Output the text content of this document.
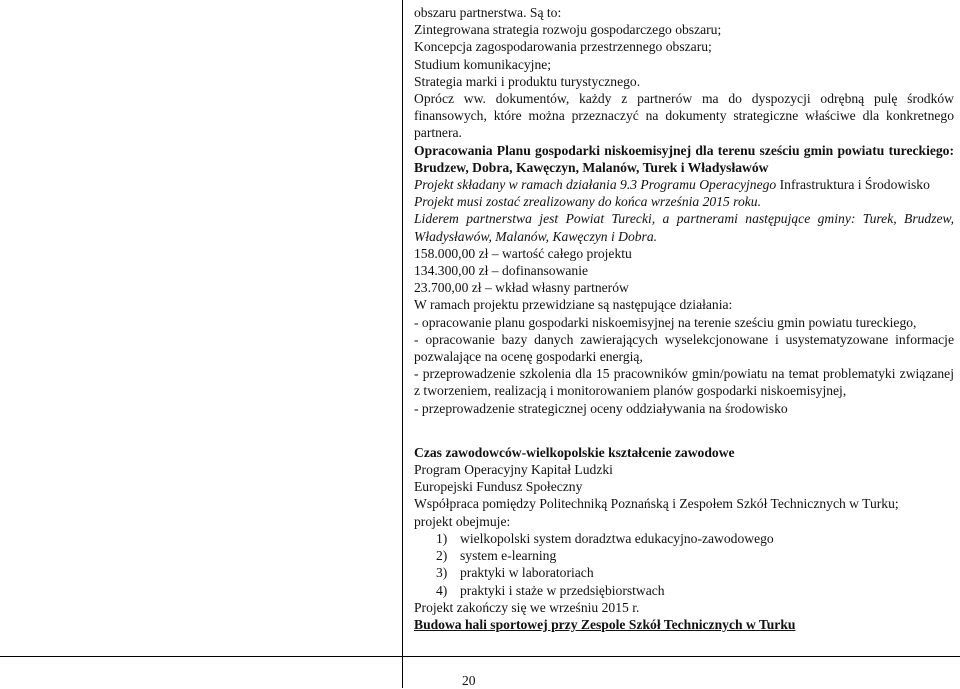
obszaru partnerstwa. Są to:
Zintegrowana strategia rozwoju gospodarczego obszaru;
Koncepcja zagospodarowania przestrzennego obszaru;
Studium komunikacyjne;
Strategia marki i produktu turystycznego.
Oprócz ww. dokumentów, każdy z partnerów ma do dyspozycji odrębną pulę środków finansowych, które można przeznaczyć na dokumenty strategiczne właściwe dla konkretnego partnera.
Opracowania Planu gospodarki niskoemisyjnej dla terenu sześciu gmin powiatu tureckiego: Brudzew, Dobra, Kawęczyn, Malanów, Turek i Władysławów
Projekt składany w ramach działania 9.3 Programu Operacyjnego Infrastruktura i Środowisko
Projekt musi zostać zrealizowany do końca września 2015 roku.
Liderem partnerstwa jest Powiat Turecki, a partnerami następujące gminy: Turek, Brudzew, Władysławów, Malanów, Kawęczyn i Dobra.
158.000,00 zł – wartość całego projektu
134.300,00 zł – dofinansowanie
23.700,00 zł – wkład własny partnerów
W ramach projektu przewidziane są następujące działania:
- opracowanie planu gospodarki niskoemisyjnej na terenie sześciu gmin powiatu tureckiego,
- opracowanie bazy danych zawierających wyselekcjonowane i usystematyzowane informacje pozwalające na ocenę gospodarki energią,
- przeprowadzenie szkolenia dla 15 pracowników gmin/powiatu na temat problematyki związanej z tworzeniem, realizacją i monitorowaniem planów gospodarki niskoemisyjnej,
- przeprowadzenie strategicznej oceny oddziaływania na środowisko
Czas zawodowców-wielkopolskie kształcenie zawodowe
Program Operacyjny Kapitał Ludzki
Europejski Fundusz Społeczny
Współpraca pomiędzy Politechniką Poznańską i Zespołem Szkół Technicznych w Turku;
projekt obejmuje:
1) wielkopolski system doradztwa edukacyjno-zawodowego
2) system e-learning
3) praktyki w laboratoriach
4) praktyki i staże w przedsiębiorstwach
Projekt zakończy się we wrześniu 2015 r.
Budowa hali sportowej przy Zespole Szkół Technicznych w Turku
20
